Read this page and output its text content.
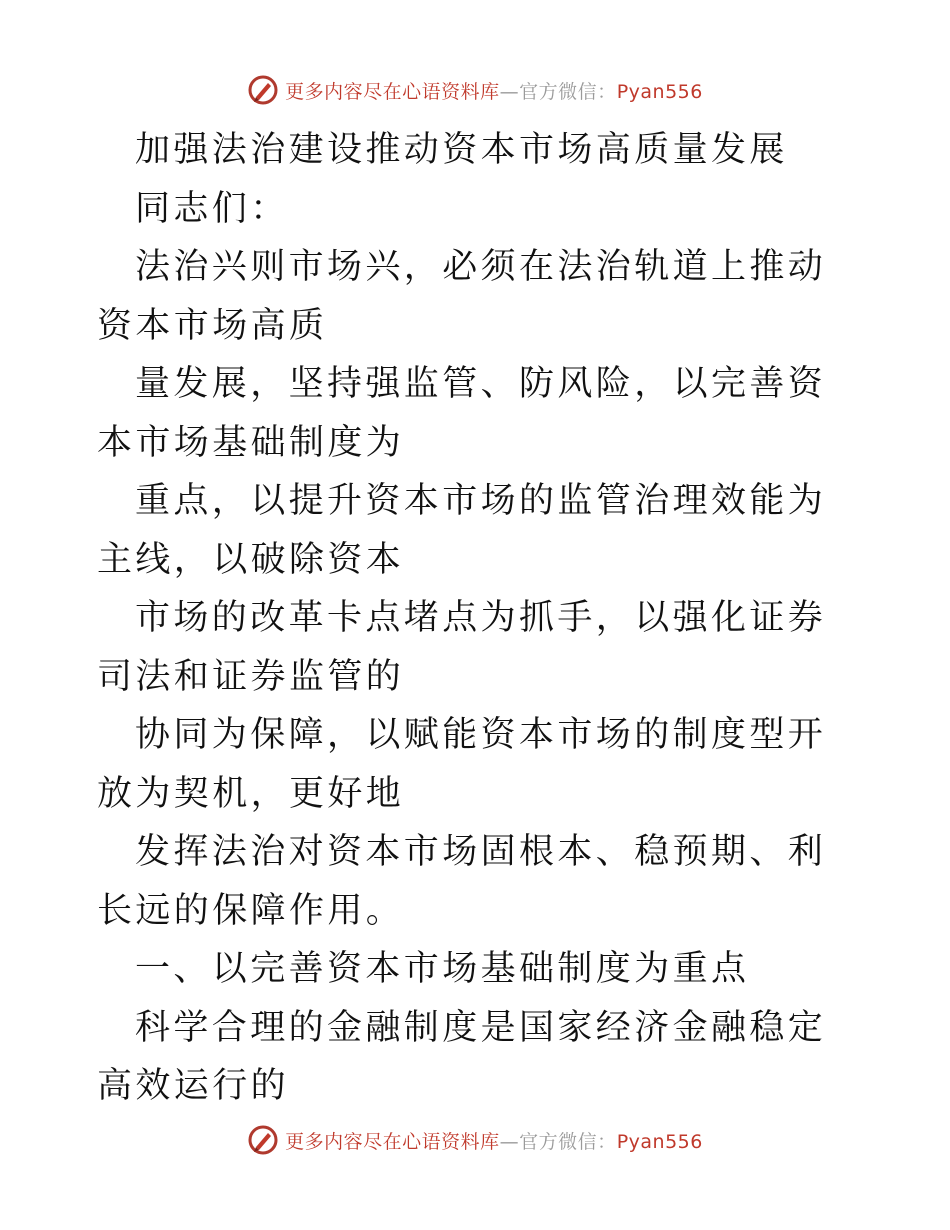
更多内容尽在心语资料库—官方微信：Pyan556

加强法治建设推动资本市场高质量发展

同志们：

法治兴则市场兴，必须在法治轨道上推动资本市场高质

量发展，坚持强监管、防风险，以完善资本市场基础制度为

重点，以提升资本市场的监管治理效能为主线，以破除资本

市场的改革卡点堵点为抓手，以强化证券司法和证券监管的

协同为保障，以赋能资本市场的制度型开放为契机，更好地

发挥法治对资本市场固根本、稳预期、利长远的保障作用。

一、以完善资本市场基础制度为重点

科学合理的金融制度是国家经济金融稳定高效运行的

更多内容尽在心语资料库—官方微信：Pyan556
